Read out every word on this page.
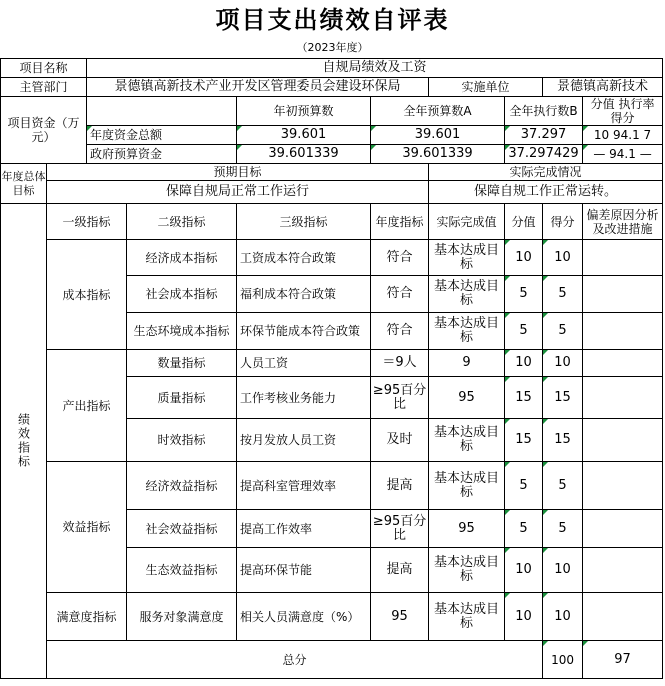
项目支出绩效自评表
（2023年度）
项目名称		自规局绩效及工资								
主管部门		景德镇高新技术产业开发区管理委员会建设环保局				实施单位		景德镇高新技术		
项目资金（万元）				年初预算数	全年预算数A		全年执行数B		分值 执行率 得分	
		年度资金总额		39.601	39.601		37.297		10 94.1 7	
		政府预算资金		39.601339	39.601339		37.297429		— 94.1 —	
年度总体目标	预期目标					实际完成情况				
	保障自规局正常工作运行					保障自规工作正常运转。				

绩效指标	一级指标		二级指标	三级指标	年度指标	实际完成值	分值	得分	偏差原因分析及改进措施	
	成本指标		经济成本指标	工资成本符合政策	符合	基本达成目标	10	10		
			社会成本指标	福利成本符合政策	符合	基本达成目标	5	5		
			生态环境成本指标	环保节能成本符合政策	符合	基本达成目标	5	5		
	产出指标		数量指标	人员工资	＝9人	9	10	10		
			质量指标	工作考核业务能力	≥95百分比	95	15	15		
			时效指标	按月发放人员工资	及时	基本达成目标	15	15		
	效益指标		经济效益指标	提高科室管理效率	提高	基本达成目标	5	5		
			社会效益指标	提高工作效率	≥95百分比	95	5	5		
			生态效益指标	提高环保节能	提高	基本达成目标	10	10		
	满意度指标		服务对象满意度	相关人员满意度（%）	95	基本达成目标	10	10		
	总分							100	97	
